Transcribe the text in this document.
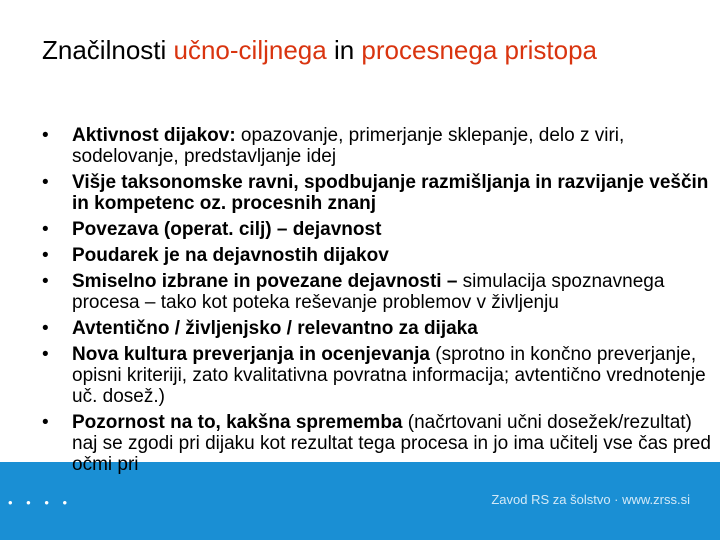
• • • •	Zavod RS za šolstvo · www.zrss.si
Značilnosti učno-ciljnega in procesnega pristopa
• Aktivnost dijakov: opazovanje, primerjanje sklepanje, delo z viri, sodelovanje, predstavljanje idej
• Višje taksonomske ravni, spodbujanje razmišljanja in razvijanje veščin in kompetenc oz. procesnih znanj
• Povezava (operat. cilj) – dejavnost
• Poudarek je na dejavnostih dijakov
• Smiselno izbrane in povezane dejavnosti – simulacija spoznavnega procesa – tako kot poteka reševanje problemov v življenju
• Avtentično / življenjsko / relevantno za dijaka
• Nova kultura preverjanja in ocenjevanja (sprotno in končno preverjanje, opisni kriteriji, zato kvalitativna povratna informacija; avtentično vrednotenje uč. dosež.)
• Pozornost na to, kakšna sprememba (načrtovani učni dosežek/rezultat) naj se zgodi pri dijaku kot rezultat tega procesa in jo ima učitelj vse čas pred očmi pri
